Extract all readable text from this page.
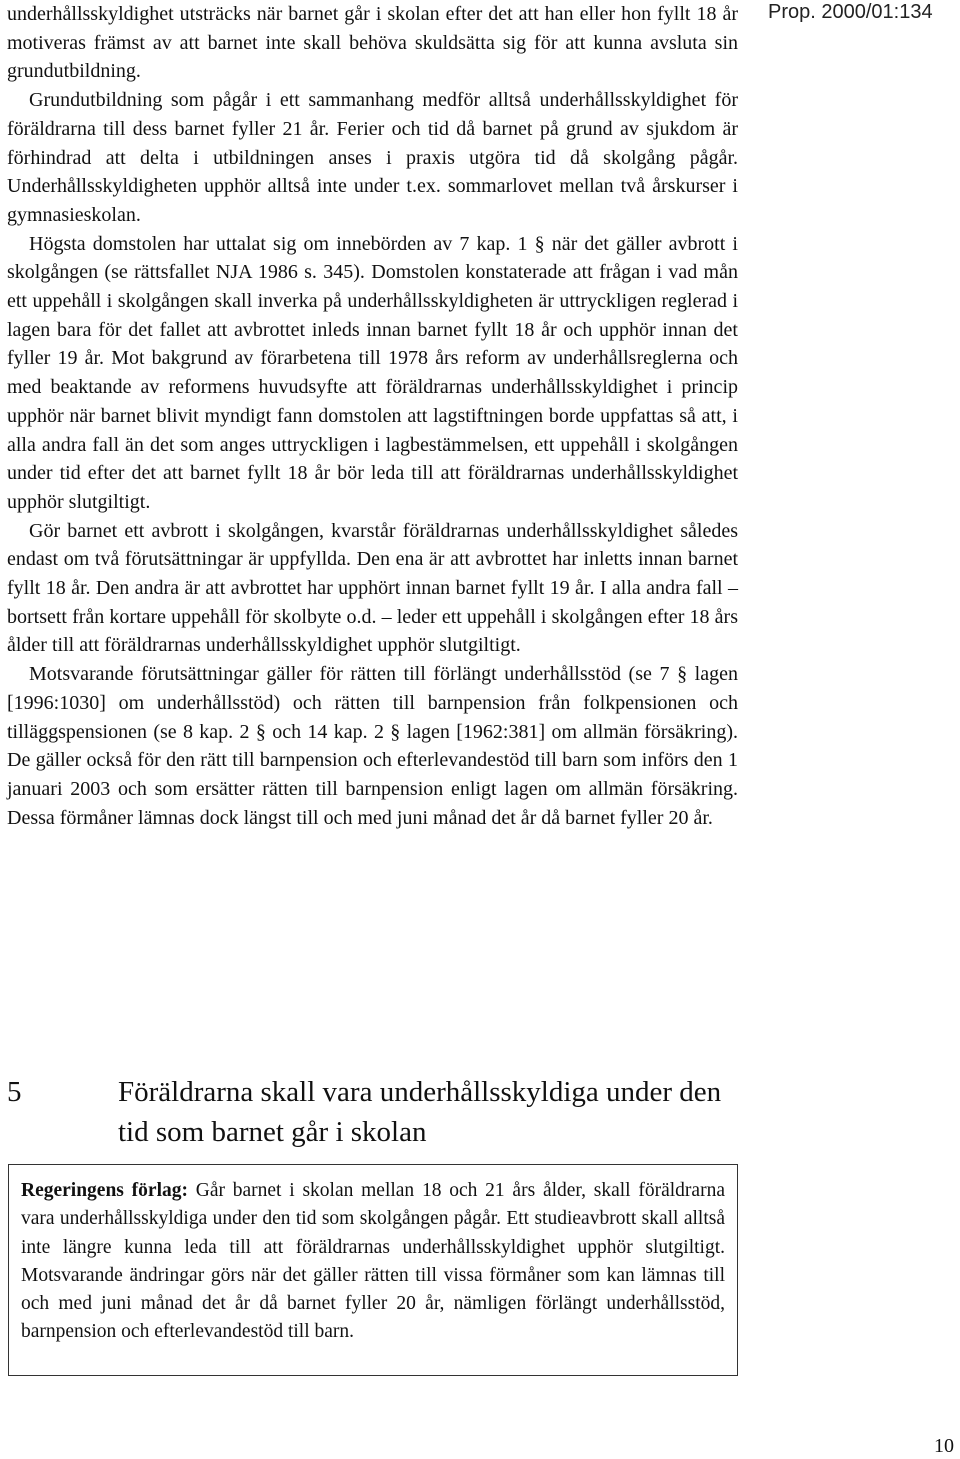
Prop. 2000/01:134

underhållsskyldighet utsträcks när barnet går i skolan efter det att han eller hon fyllt 18 år motiveras främst av att barnet inte skall behöva skuldsätta sig för att kunna avsluta sin grundutbildning.

Grundutbildning som pågår i ett sammanhang medför alltså underhållsskyldighet för föräldrarna till dess barnet fyller 21 år. Ferier och tid då barnet på grund av sjukdom är förhindrad att delta i utbildningen anses i praxis utgöra tid då skolgång pågår. Underhållsskyldigheten upphör alltså inte under t.ex. sommarlovet mellan två årskurser i gymnasieskolan.

Högsta domstolen har uttalat sig om innebörden av 7 kap. 1 § när det gäller avbrott i skolgången (se rättsfallet NJA 1986 s. 345). Domstolen konstaterade att frågan i vad mån ett uppehåll i skolgången skall inverka på underhållsskyldigheten är uttryckligen reglerad i lagen bara för det fallet att avbrottet inleds innan barnet fyllt 18 år och upphör innan det fyller 19 år. Mot bakgrund av förarbetena till 1978 års reform av underhållsreglerna och med beaktande av reformens huvudsyfte att föräldrarnas underhållsskyldighet i princip upphör när barnet blivit myndigt fann domstolen att lagstiftningen borde uppfattas så att, i alla andra fall än det som anges uttryckligen i lagbestämmelsen, ett uppehåll i skolgången under tid efter det att barnet fyllt 18 år bör leda till att föräldrarnas underhållsskyldighet upphör slutgiltigt.

Gör barnet ett avbrott i skolgången, kvarstår föräldrarnas underhållsskyldighet således endast om två förutsättningar är uppfyllda. Den ena är att avbrottet har inletts innan barnet fyllt 18 år. Den andra är att avbrottet har upphört innan barnet fyllt 19 år. I alla andra fall – bortsett från kortare uppehåll för skolbyte o.d. – leder ett uppehåll i skolgången efter 18 års ålder till att föräldrarnas underhållsskyldighet upphör slutgiltigt.

Motsvarande förutsättningar gäller för rätten till förlängt underhållsstöd (se 7 § lagen [1996:1030] om underhållsstöd) och rätten till barnpension från folkpensionen och tilläggspensionen (se 8 kap. 2 § och 14 kap. 2 § lagen [1962:381] om allmän försäkring). De gäller också för den rätt till barnpension och efterlevandestöd till barn som införs den 1 januari 2003 och som ersätter rätten till barnpension enligt lagen om allmän försäkring. Dessa förmåner lämnas dock längst till och med juni månad det år då barnet fyller 20 år.

5	Föräldrarna skall vara underhållsskyldiga under den tid som barnet går i skolan
Regeringens förlag: Går barnet i skolan mellan 18 och 21 års ålder, skall föräldrarna vara underhållsskyldiga under den tid som skolgången pågår. Ett studieavbrott skall alltså inte längre kunna leda till att föräldrarnas underhållsskyldighet upphör slutgiltigt. Motsvarande ändringar görs när det gäller rätten till vissa förmåner som kan lämnas till och med juni månad det år då barnet fyller 20 år, nämligen förlängt underhållsstöd, barnpension och efterlevandestöd till barn.
10
